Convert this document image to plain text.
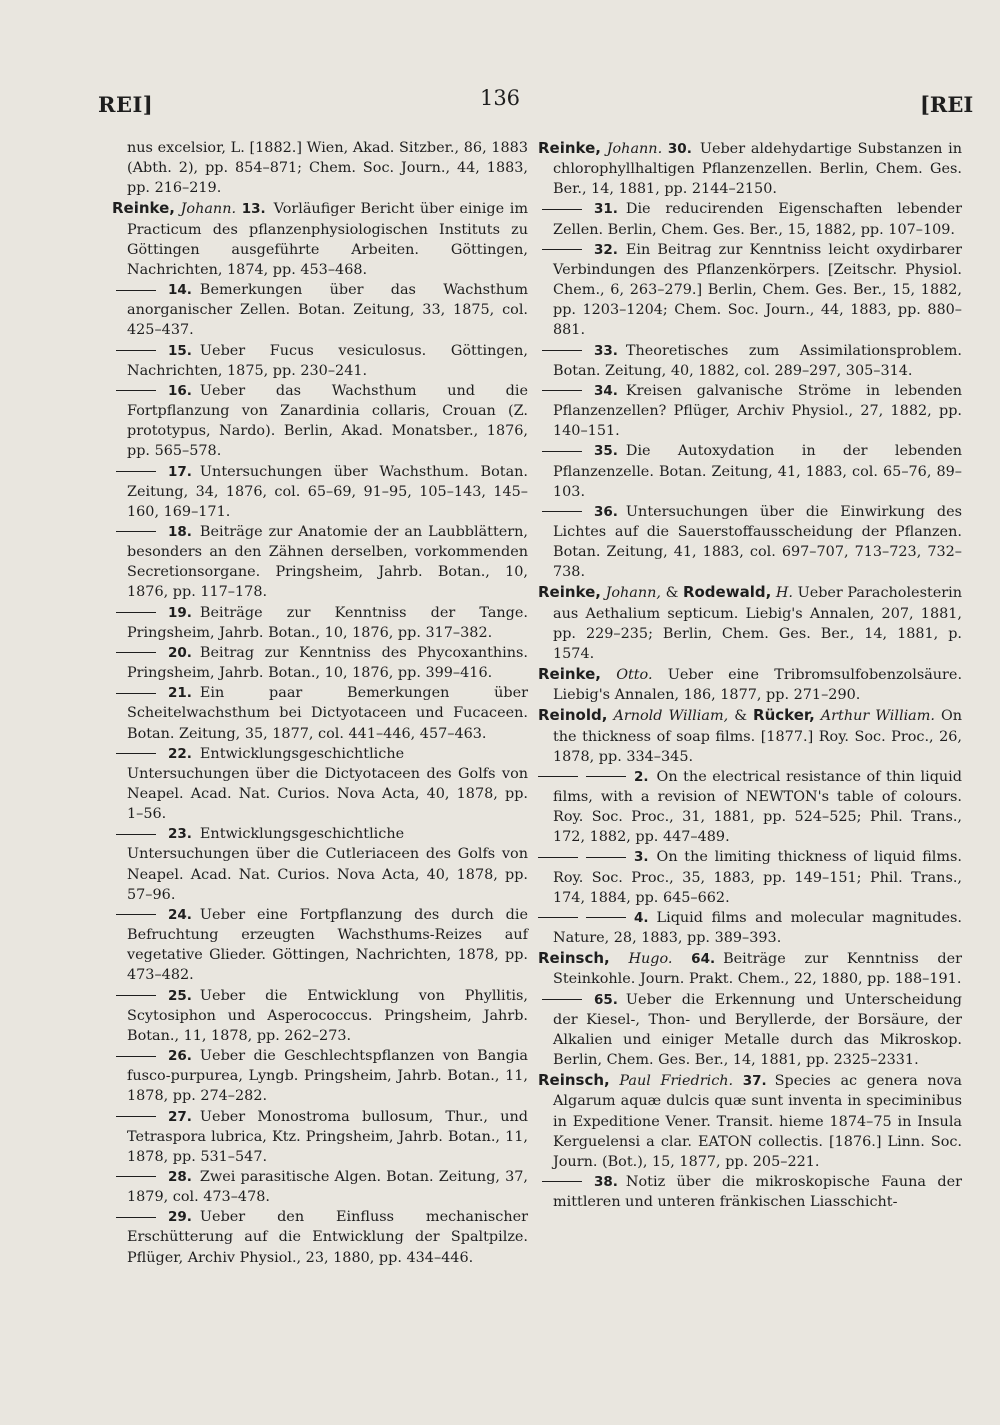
REI]	136	[REI
nus excelsior, L. [1882.] Wien, Akad. Sitzber., 86, 1883 (Abth. 2), pp. 854–871; Chem. Soc. Journ., 44, 1883, pp. 216–219.
Reinke, Johann. 13. Vorläufiger Bericht über einige im Practicum des pflanzenphysiologischen Instituts zu Göttingen ausgeführte Arbeiten. Göttingen, Nachrichten, 1874, pp. 453–468.
14. Bemerkungen über das Wachsthum anorganischer Zellen. Botan. Zeitung, 33, 1875, col. 425–437.
15. Ueber Fucus vesiculosus. Göttingen, Nachrichten, 1875, pp. 230–241.
16. Ueber das Wachsthum und die Fortpflanzung von Zanardinia collaris, Crouan (Z. prototypus, Nardo). Berlin, Akad. Monatsber., 1876, pp. 565–578.
17. Untersuchungen über Wachsthum. Botan. Zeitung, 34, 1876, col. 65–69, 91–95, 105–143, 145–160, 169–171.
18. Beiträge zur Anatomie der an Laubblättern, besonders an den Zähnen derselben, vorkommenden Secretionsorgane. Pringsheim, Jahrb. Botan., 10, 1876, pp. 117–178.
19. Beiträge zur Kenntniss der Tange. Pringsheim, Jahrb. Botan., 10, 1876, pp. 317–382.
20. Beitrag zur Kenntniss des Phycoxanthins. Pringsheim, Jahrb. Botan., 10, 1876, pp. 399–416.
21. Ein paar Bemerkungen über Scheitelwachsthum bei Dictyotaceen und Fucaceen. Botan. Zeitung, 35, 1877, col. 441–446, 457–463.
22. Entwicklungsgeschichtliche Untersuchungen über die Dictyotaceen des Golfs von Neapel. Acad. Nat. Curios. Nova Acta, 40, 1878, pp. 1–56.
23. Entwicklungsgeschichtliche Untersuchungen über die Cutleriaceen des Golfs von Neapel. Acad. Nat. Curios. Nova Acta, 40, 1878, pp. 57–96.
24. Ueber eine Fortpflanzung des durch die Befruchtung erzeugten Wachsthums-Reizes auf vegetative Glieder. Göttingen, Nachrichten, 1878, pp. 473–482.
25. Ueber die Entwicklung von Phyllitis, Scytosiphon und Asperococcus. Pringsheim, Jahrb. Botan., 11, 1878, pp. 262–273.
26. Ueber die Geschlechtspflanzen von Bangia fusco-purpurea, Lyngb. Pringsheim, Jahrb. Botan., 11, 1878, pp. 274–282.
27. Ueber Monostroma bullosum, Thur., und Tetraspora lubrica, Ktz. Pringsheim, Jahrb. Botan., 11, 1878, pp. 531–547.
28. Zwei parasitische Algen. Botan. Zeitung, 37, 1879, col. 473–478.
29. Ueber den Einfluss mechanischer Erschütterung auf die Entwicklung der Spaltpilze. Pflüger, Archiv Physiol., 23, 1880, pp. 434–446.
Reinke, Johann. 30. Ueber aldehydartige Substanzen in chlorophyllhaltigen Pflanzenzellen. Berlin, Chem. Ges. Ber., 14, 1881, pp. 2144–2150.
31. Die reducirenden Eigenschaften lebender Zellen. Berlin, Chem. Ges. Ber., 15, 1882, pp. 107–109.
32. Ein Beitrag zur Kenntniss leicht oxydirbarer Verbindungen des Pflanzenkörpers. [Zeitschr. Physiol. Chem., 6, 263–279.] Berlin, Chem. Ges. Ber., 15, 1882, pp. 1203–1204; Chem. Soc. Journ., 44, 1883, pp. 880–881.
33. Theoretisches zum Assimilationsproblem. Botan. Zeitung, 40, 1882, col. 289–297, 305–314.
34. Kreisen galvanische Ströme in lebenden Pflanzenzellen? Pflüger, Archiv Physiol., 27, 1882, pp. 140–151.
35. Die Autoxydation in der lebenden Pflanzenzelle. Botan. Zeitung, 41, 1883, col. 65–76, 89–103.
36. Untersuchungen über die Einwirkung des Lichtes auf die Sauerstoffausscheidung der Pflanzen. Botan. Zeitung, 41, 1883, col. 697–707, 713–723, 732–738.
Reinke, Johann, & Rodewald, H. Ueber Paracholesterin aus Aethalium septicum. Liebig's Annalen, 207, 1881, pp. 229–235; Berlin, Chem. Ges. Ber., 14, 1881, p. 1574.
Reinke, Otto. Ueber eine Tribromsulfobenzolsäure. Liebig's Annalen, 186, 1877, pp. 271–290.
Reinold, Arnold William, & Rücker, Arthur William. On the thickness of soap films. [1877.] Roy. Soc. Proc., 26, 1878, pp. 334–345.
2. On the electrical resistance of thin liquid films, with a revision of NEWTON's table of colours. Roy. Soc. Proc., 31, 1881, pp. 524–525; Phil. Trans., 172, 1882, pp. 447–489.
3. On the limiting thickness of liquid films. Roy. Soc. Proc., 35, 1883, pp. 149–151; Phil. Trans., 174, 1884, pp. 645–662.
4. Liquid films and molecular magnitudes. Nature, 28, 1883, pp. 389–393.
Reinsch, Hugo. 64. Beiträge zur Kenntniss der Steinkohle. Journ. Prakt. Chem., 22, 1880, pp. 188–191.
65. Ueber die Erkennung und Unterscheidung der Kiesel-, Thon- und Beryllerde, der Borsäure, der Alkalien und einiger Metalle durch das Mikroskop. Berlin, Chem. Ges. Ber., 14, 1881, pp. 2325–2331.
Reinsch, Paul Friedrich. 37. Species ac genera nova Algarum aquæ dulcis quæ sunt inventa in speciminibus in Expeditione Vener. Transit. hieme 1874–75 in Insula Kerguelensi a clar. EATON collectis. [1876.] Linn. Soc. Journ. (Bot.), 15, 1877, pp. 205–221.
38. Notiz über die mikroskopische Fauna der mittleren und unteren fränkischen Liasschicht-
